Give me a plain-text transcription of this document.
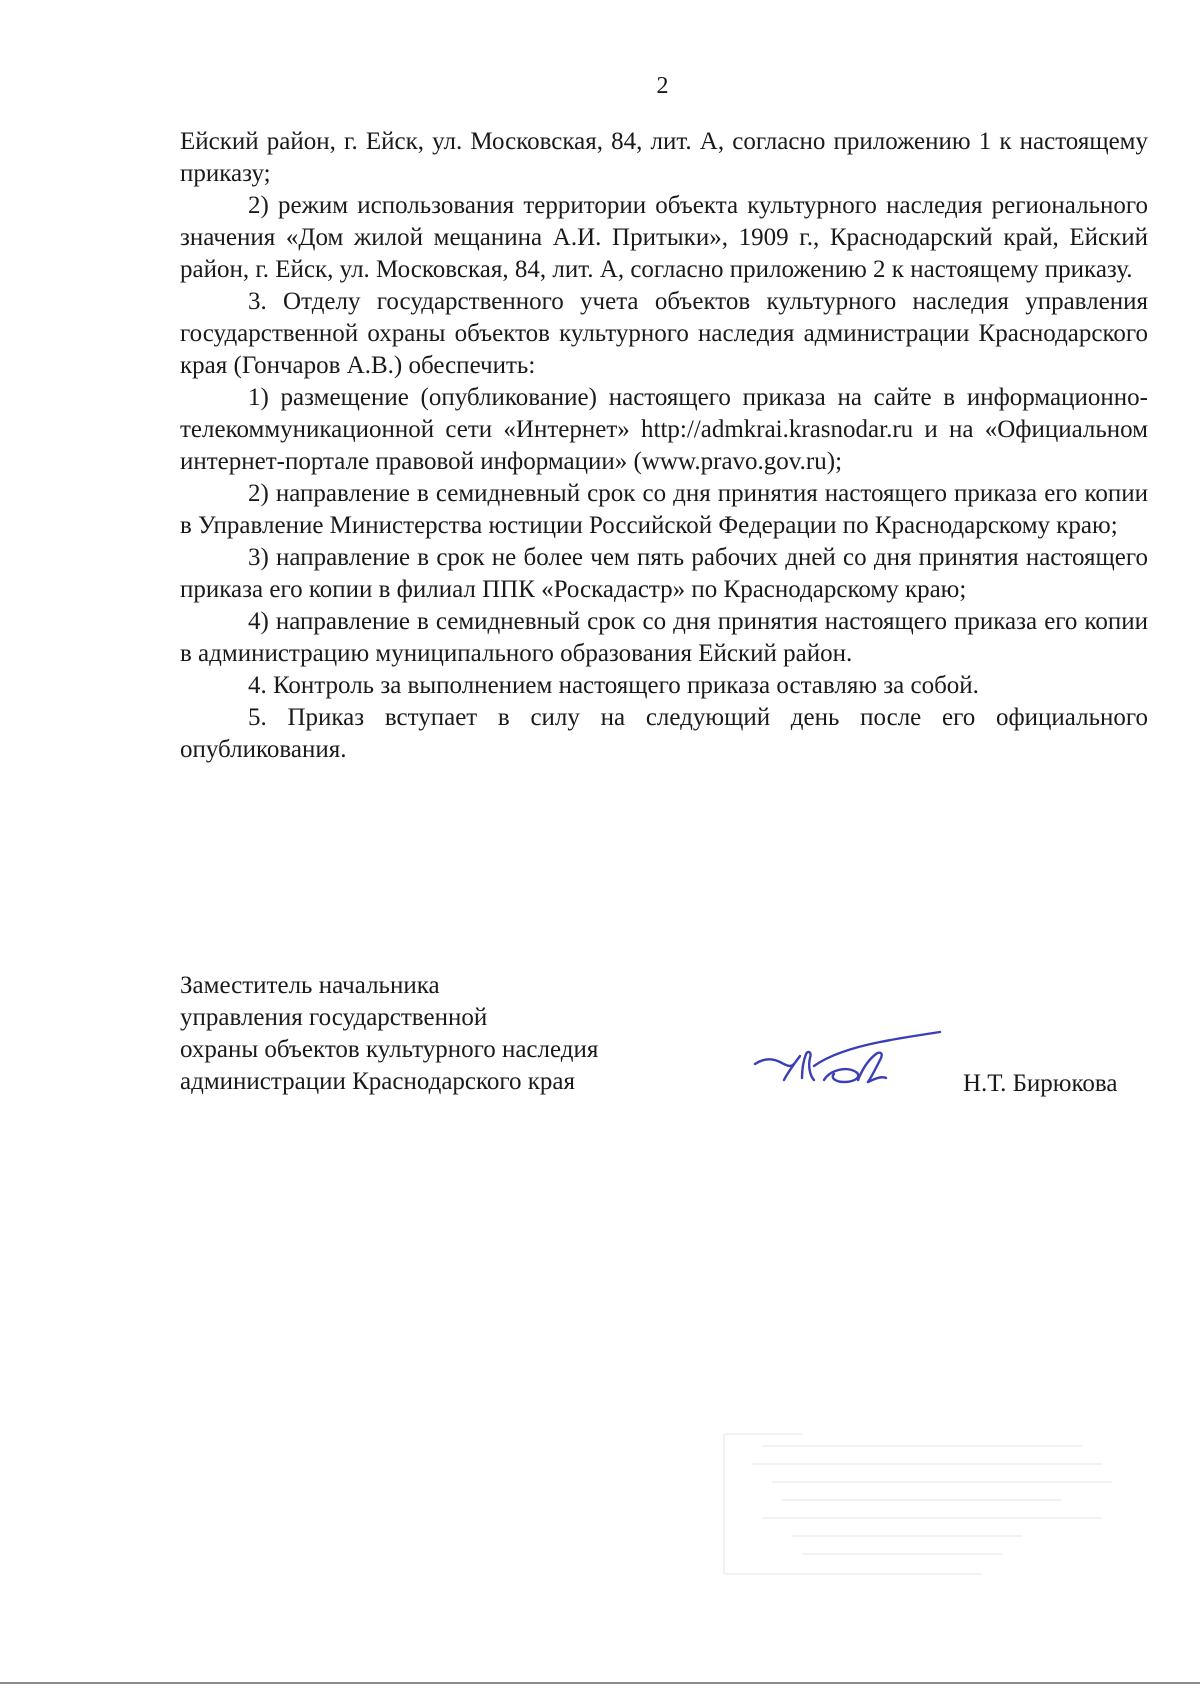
2

Ейский район, г. Ейск, ул. Московская, 84, лит. А, согласно приложению 1 к настоящему приказу;

2) режим использования территории объекта культурного наследия регионального значения «Дом жилой мещанина А.И. Притыки», 1909 г., Краснодарский край, Ейский район, г. Ейск, ул. Московская, 84, лит. А, согласно приложению 2 к настоящему приказу.

3. Отделу государственного учета объектов культурного наследия управления государственной охраны объектов культурного наследия администрации Краснодарского края (Гончаров А.В.) обеспечить:

1) размещение (опубликование) настоящего приказа на сайте в информационно-телекоммуникационной сети «Интернет» http://admkrai.krasnodar.ru и на «Официальном интернет-портале правовой информации» (www.pravo.gov.ru);

2) направление в семидневный срок со дня принятия настоящего приказа его копии в Управление Министерства юстиции Российской Федерации по Краснодарскому краю;

3) направление в срок не более чем пять рабочих дней со дня принятия настоящего приказа его копии в филиал ППК «Роскадастр» по Краснодарскому краю;

4) направление в семидневный срок со дня принятия настоящего приказа его копии в администрацию муниципального образования Ейский район.

4. Контроль за выполнением настоящего приказа оставляю за собой.

5. Приказ вступает в силу на следующий день после его официального опубликования.

Заместитель начальника
управления государственной
охраны объектов культурного наследия
администрации Краснодарского края	Н.Т. Бирюкова
